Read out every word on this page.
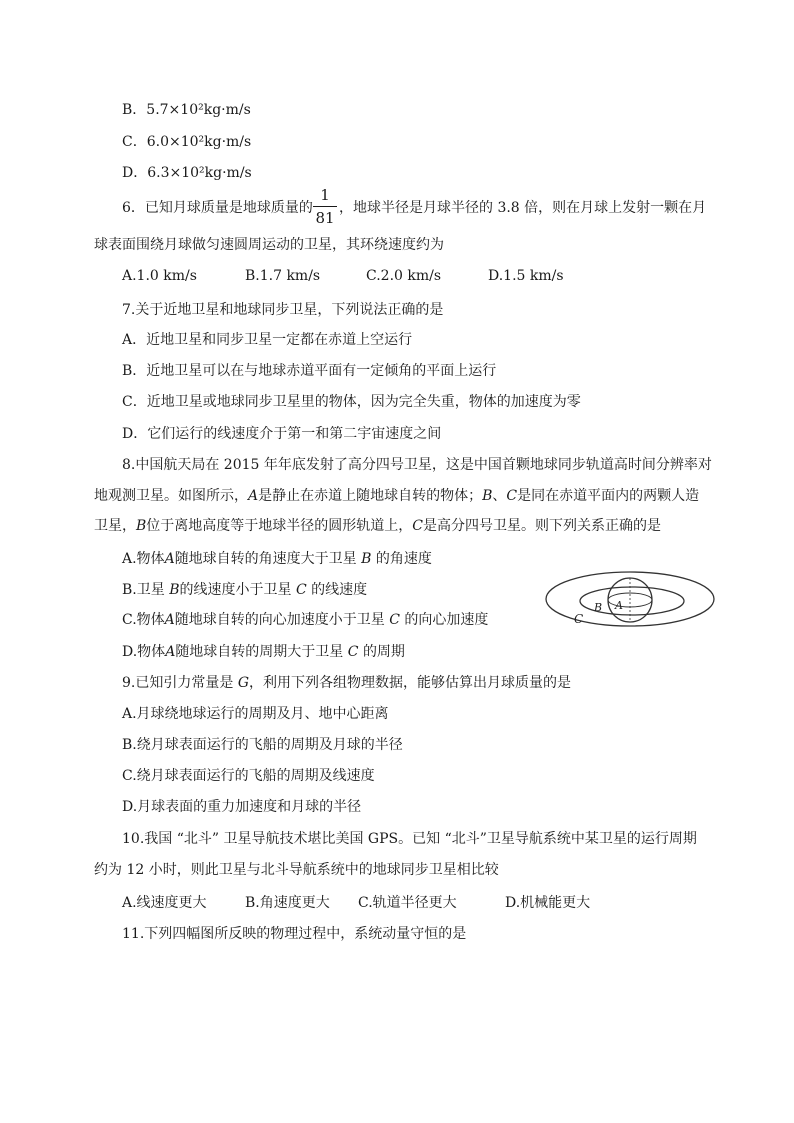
B．5.7×10²kg·m/s
C．6.0×10²kg·m/s
D．6.3×10²kg·m/s
6．已知月球质量是地球质量的
1
81
，地球半径是月球半径的 3.8 倍，则在月球上发射一颗在月
球表面围绕月球做匀速圆周运动的卫星，其环绕速度约为
A.1.0 km/s	B.1.7 km/s	C.2.0 km/s	D.1.5 km/s
7.关于近地卫星和地球同步卫星，下列说法正确的是
A．近地卫星和同步卫星一定都在赤道上空运行
B．近地卫星可以在与地球赤道平面有一定倾角的平面上运行
C．近地卫星或地球同步卫星里的物体，因为完全失重，物体的加速度为零
D．它们运行的线速度介于第一和第二宇宙速度之间
8.中国航天局在 2015 年年底发射了高分四号卫星，这是中国首颗地球同步轨道高时间分辨率对
地观测卫星。如图所示，A是静止在赤道上随地球自转的物体；B、C是同在赤道平面内的两颗人造
卫星，B位于离地高度等于地球半径的圆形轨道上，C是高分四号卫星。则下列关系正确的是
A.物体A随地球自转的角速度大于卫星 B 的角速度
B.卫星 B的线速度小于卫星 C 的线速度
C.物体A随地球自转的向心加速度小于卫星 C 的向心加速度
D.物体A随地球自转的周期大于卫星 C 的周期
C
B A
9.已知引力常量是 G，利用下列各组物理数据，能够估算出月球质量的是
A.月球绕地球运行的周期及月、地中心距离
B.绕月球表面运行的飞船的周期及月球的半径
C.绕月球表面运行的飞船的周期及线速度
D.月球表面的重力加速度和月球的半径
10.我国 “北斗” 卫星导航技术堪比美国 GPS。已知 “北斗”卫星导航系统中某卫星的运行周期
约为 12 小时，则此卫星与北斗导航系统中的地球同步卫星相比较
A.线速度更大	B.角速度更大 C.轨道半径更大	D.机械能更大
11.下列四幅图所反映的物理过程中，系统动量守恒的是
